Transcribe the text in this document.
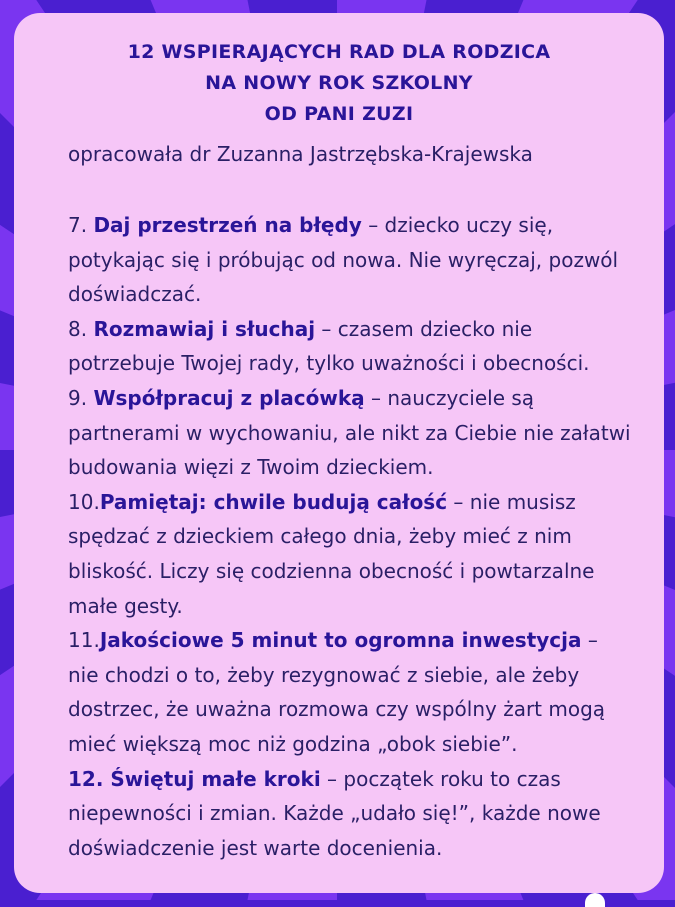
12 WSPIERAJĄCYCH RAD DLA RODZICA
NA NOWY ROK SZKOLNY
OD PANI ZUZI

opracowała dr Zuzanna Jastrzębska-Krajewska

7. Daj przestrzeń na błędy – dziecko uczy się, potykając się i próbując od nowa. Nie wyręczaj, pozwól doświadczać.

8. Rozmawiaj i słuchaj – czasem dziecko nie potrzebuje Twojej rady, tylko uważności i obecności.

9. Współpracuj z placówką – nauczyciele są partnerami w wychowaniu, ale nikt za Ciebie nie załatwi budowania więzi z Twoim dzieckiem.

10.Pamiętaj: chwile budują całość – nie musisz spędzać z dzieckiem całego dnia, żeby mieć z nim bliskość. Liczy się codzienna obecność i powtarzalne małe gesty.

11.Jakościowe 5 minut to ogromna inwestycja – nie chodzi o to, żeby rezygnować z siebie, ale żeby dostrzec, że uważna rozmowa czy wspólny żart mogą mieć większą moc niż godzina „obok siebie”.

12. Świętuj małe kroki – początek roku to czas niepewności i zmian. Każde „udało się!”, każde nowe doświadczenie jest warte docenienia.
